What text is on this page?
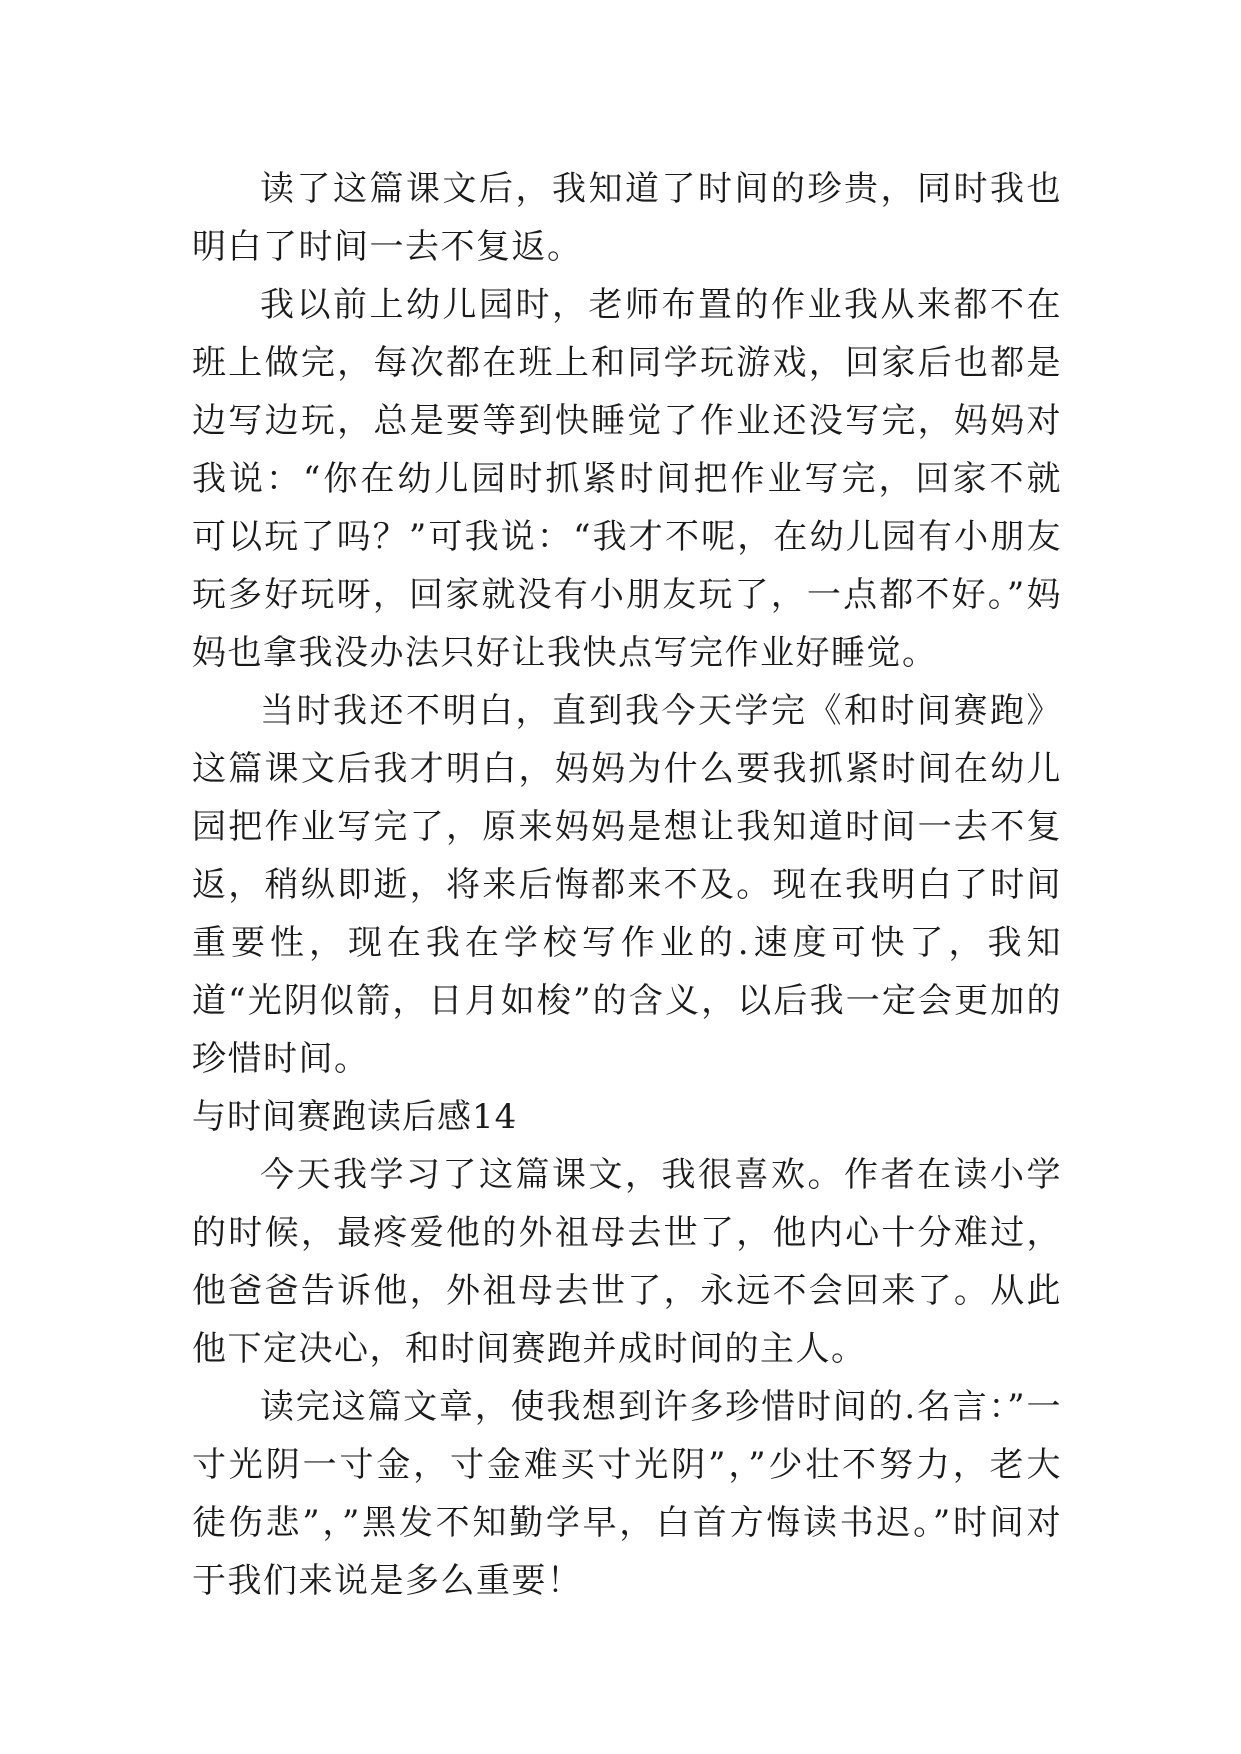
读了这篇课文后，我知道了时间的珍贵，同时我也明白了时间一去不复返。

我以前上幼儿园时，老师布置的作业我从来都不在班上做完，每次都在班上和同学玩游戏，回家后也都是边写边玩，总是要等到快睡觉了作业还没写完，妈妈对我说：“你在幼儿园时抓紧时间把作业写完，回家不就可以玩了吗？”可我说：“我才不呢，在幼儿园有小朋友玩多好玩呀，回家就没有小朋友玩了，一点都不好。”妈妈也拿我没办法只好让我快点写完作业好睡觉。

当时我还不明白，直到我今天学完《和时间赛跑》这篇课文后我才明白，妈妈为什么要我抓紧时间在幼儿园把作业写完了，原来妈妈是想让我知道时间一去不复返，稍纵即逝，将来后悔都来不及。现在我明白了时间重要性，现在我在学校写作业的.速度可快了，我知道“光阴似箭，日月如梭”的含义，以后我一定会更加的珍惜时间。

与时间赛跑读后感14

今天我学习了这篇课文，我很喜欢。作者在读小学的时候，最疼爱他的外祖母去世了，他内心十分难过，他爸爸告诉他，外祖母去世了，永远不会回来了。从此他下定决心，和时间赛跑并成时间的主人。

读完这篇文章，使我想到许多珍惜时间的.名言：”一寸光阴一寸金，寸金难买寸光阴”，”少壮不努力，老大徒伤悲”，”黑发不知勤学早，白首方悔读书迟。”时间对于我们来说是多么重要！
